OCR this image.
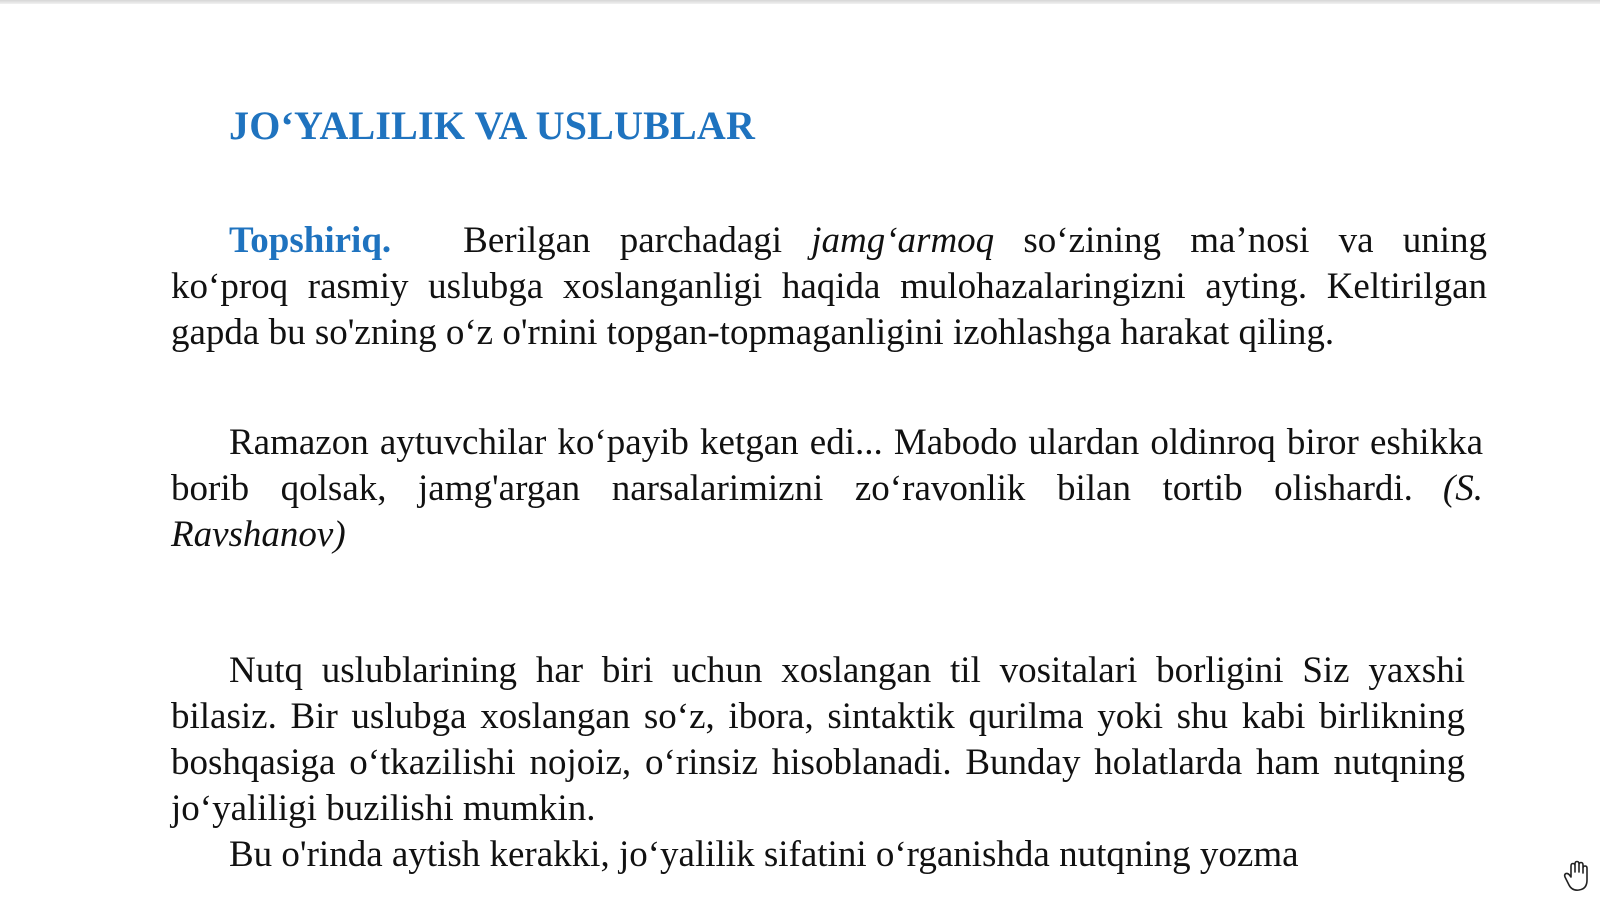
JO‘YALILIK VA USLUBLAR

Topshiriq. Berilgan parchadagi jamg‘armoq so‘zining ma’nosi va uning ko‘proq rasmiy uslubga xoslanganligi haqida mulohazalaringizni ayting. Keltirilgan gapda bu so'zning o‘z o'rnini topgan-topmaganligini izohlashga harakat qiling.

Ramazon aytuvchilar ko‘payib ketgan edi... Mabodo ulardan oldinroq biror eshikka borib qolsak, jamg'argan narsalarimizni zo‘ravonlik bilan tortib olishardi. (S. Ravshanov)

Nutq uslublarining har biri uchun xoslangan til vositalari borligini Siz yaxshi bilasiz. Bir uslubga xoslangan so‘z, ibora, sintaktik qurilma yoki shu kabi birlikning boshqasiga o‘tkazilishi nojoiz, o‘rinsiz hisoblanadi. Bunday holatlarda ham nutqning jo‘yaliligi buzilishi mumkin.

Bu o'rinda aytish kerakki, jo‘yalilik sifatini o‘rganishda nutqning yozma
